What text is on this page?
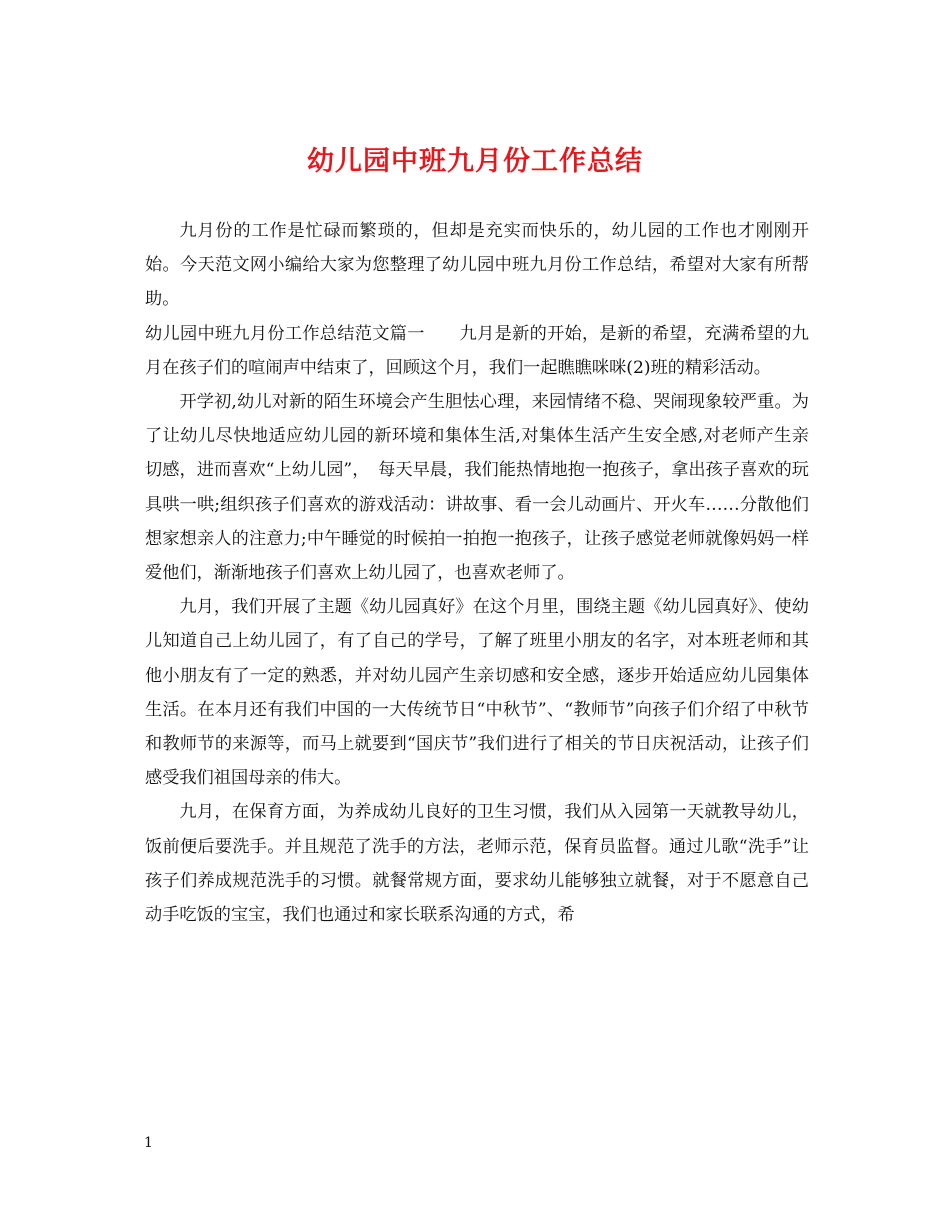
幼儿园中班九月份工作总结

九月份的工作是忙碌而繁琐的，但却是充实而快乐的，幼儿园的工作也才刚刚开始。今天范文网小编给大家为您整理了幼儿园中班九月份工作总结，希望对大家有所帮助。

幼儿园中班九月份工作总结范文篇一　　九月是新的开始，是新的希望，充满希望的九月在孩子们的喧闹声中结束了，回顾这个月，我们一起瞧瞧咪咪(2)班的精彩活动。

开学初,幼儿对新的陌生环境会产生胆怯心理，来园情绪不稳、哭闹现象较严重。为了让幼儿尽快地适应幼儿园的新环境和集体生活,对集体生活产生安全感,对老师产生亲切感，进而喜欢“上幼儿园”，　每天早晨，我们能热情地抱一抱孩子，拿出孩子喜欢的玩具哄一哄;组织孩子们喜欢的游戏活动：讲故事、看一会儿动画片、开火车……分散他们想家想亲人的注意力;中午睡觉的时候拍一拍抱一抱孩子，让孩子感觉老师就像妈妈一样爱他们，渐渐地孩子们喜欢上幼儿园了，也喜欢老师了。

九月，我们开展了主题《幼儿园真好》在这个月里，围绕主题《幼儿园真好》、使幼儿知道自己上幼儿园了，有了自己的学号，了解了班里小朋友的名字，对本班老师和其他小朋友有了一定的熟悉，并对幼儿园产生亲切感和安全感，逐步开始适应幼儿园集体生活。在本月还有我们中国的一大传统节日“中秋节”、“教师节”向孩子们介绍了中秋节和教师节的来源等，而马上就要到“国庆节”我们进行了相关的节日庆祝活动，让孩子们感受我们祖国母亲的伟大。

九月，在保育方面，为养成幼儿良好的卫生习惯，我们从入园第一天就教导幼儿，饭前便后要洗手。并且规范了洗手的方法，老师示范，保育员监督。通过儿歌“洗手”让孩子们养成规范洗手的习惯。就餐常规方面，要求幼儿能够独立就餐，对于不愿意自己动手吃饭的宝宝，我们也通过和家长联系沟通的方式，希

1
